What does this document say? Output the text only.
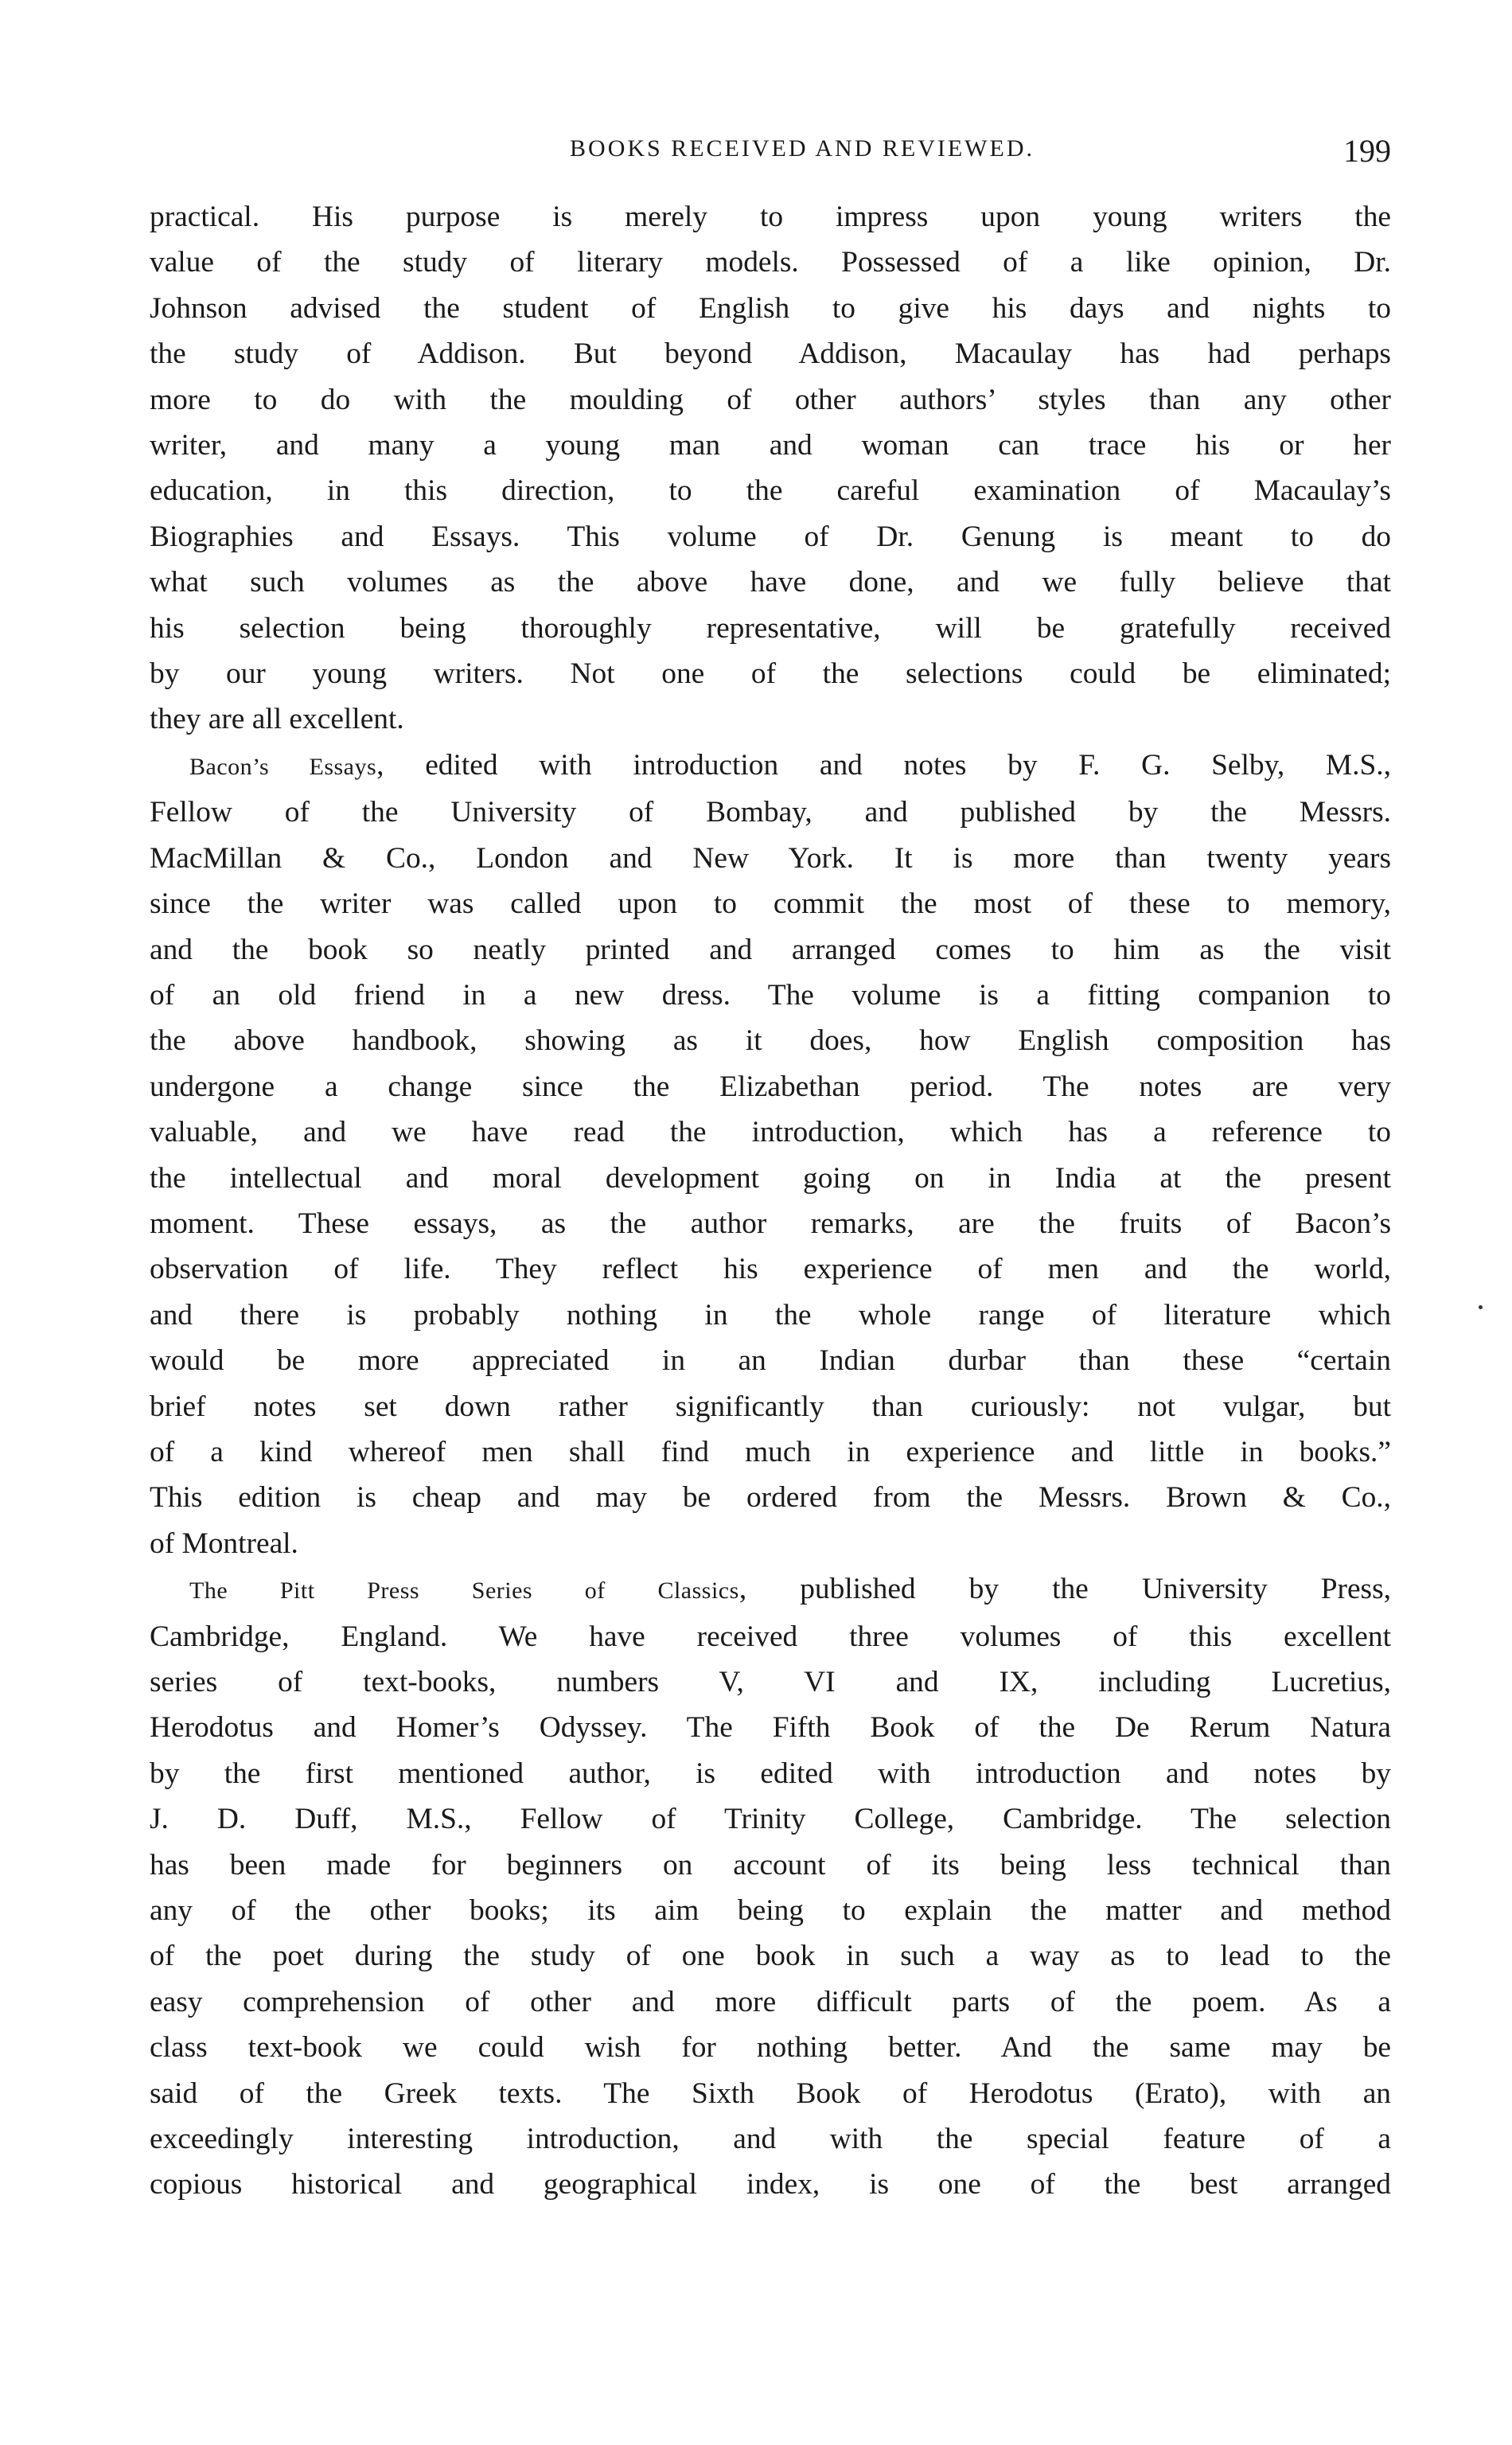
BOOKS RECEIVED AND REVIEWED.	199

practical. His purpose is merely to impress upon young writers the
value of the study of literary models. Possessed of a like opinion, Dr.
Johnson advised the student of English to give his days and nights to
the study of Addison. But beyond Addison, Macaulay has had perhaps
more to do with the moulding of other authors’ styles than any other
writer, and many a young man and woman can trace his or her
education, in this direction, to the careful examination of Macaulay’s
Biographies and Essays. This volume of Dr. Genung is meant to do
what such volumes as the above have done, and we fully believe that
his selection being thoroughly representative, will be gratefully received
by our young writers. Not one of the selections could be eliminated;
they are all excellent.

Bacon’s Essays, edited with introduction and notes by F. G. Selby, M.S.,
Fellow of the University of Bombay, and published by the Messrs.
MacMillan & Co., London and New York. It is more than twenty years
since the writer was called upon to commit the most of these to memory,
and the book so neatly printed and arranged comes to him as the visit
of an old friend in a new dress. The volume is a fitting companion to
the above handbook, showing as it does, how English composition has
undergone a change since the Elizabethan period. The notes are very
valuable, and we have read the introduction, which has a reference to
the intellectual and moral development going on in India at the present
moment. These essays, as the author remarks, are the fruits of Bacon’s
observation of life. They reflect his experience of men and the world,
and there is probably nothing in the whole range of literature which
would be more appreciated in an Indian durbar than these “certain
brief notes set down rather significantly than curiously: not vulgar, but
of a kind whereof men shall find much in experience and little in books.”
This edition is cheap and may be ordered from the Messrs. Brown & Co.,
of Montreal.

The Pitt Press Series of Classics, published by the University Press,
Cambridge, England. We have received three volumes of this excellent
series of text-books, numbers V, VI and IX, including Lucretius,
Herodotus and Homer’s Odyssey. The Fifth Book of the De Rerum Natura
by the first mentioned author, is edited with introduction and notes by
J. D. Duff, M.S., Fellow of Trinity College, Cambridge. The selection
has been made for beginners on account of its being less technical than
any of the other books; its aim being to explain the matter and method
of the poet during the study of one book in such a way as to lead to the
easy comprehension of other and more difficult parts of the poem. As a
class text-book we could wish for nothing better. And the same may be
said of the Greek texts. The Sixth Book of Herodotus (Erato), with an
exceedingly interesting introduction, and with the special feature of a
copious historical and geographical index, is one of the best arranged
